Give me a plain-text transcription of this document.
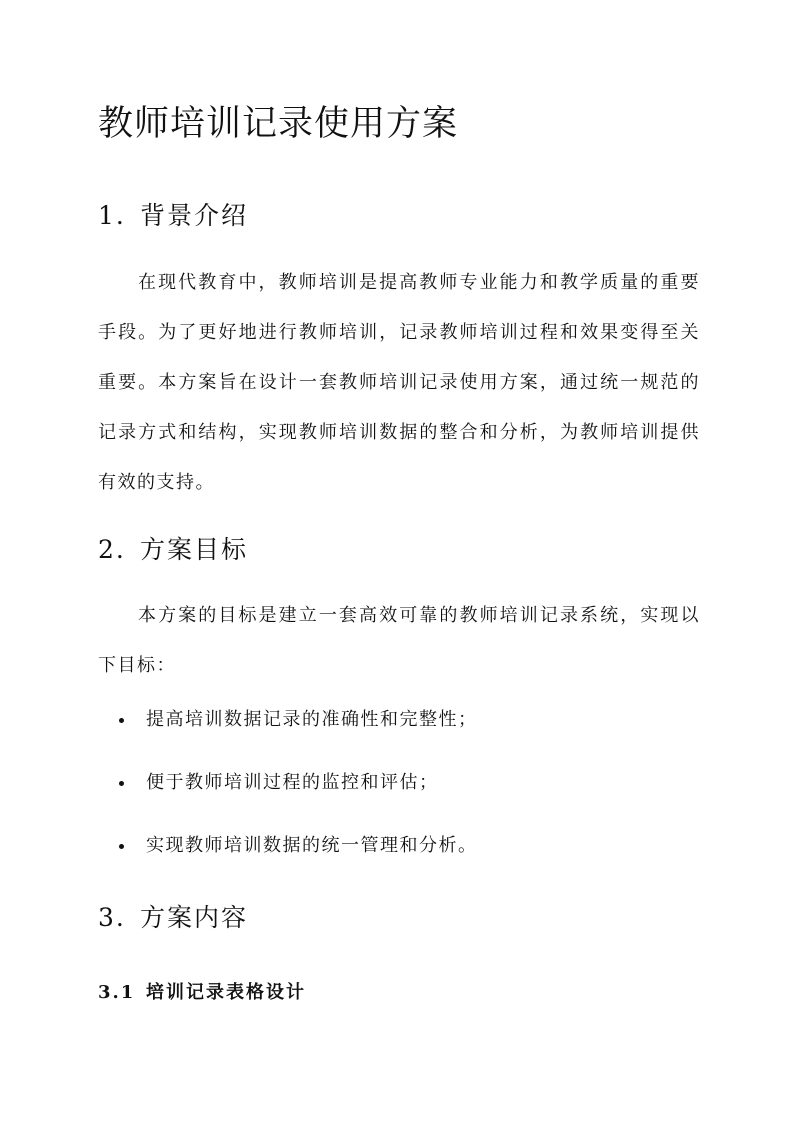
教师培训记录使用方案
1. 背景介绍

在现代教育中，教师培训是提高教师专业能力和教学质量的重要手段。为了更好地进行教师培训，记录教师培训过程和效果变得至关重要。本方案旨在设计一套教师培训记录使用方案，通过统一规范的记录方式和结构，实现教师培训数据的整合和分析，为教师培训提供有效的支持。

2. 方案目标

本方案的目标是建立一套高效可靠的教师培训记录系统，实现以下目标：

提高培训数据记录的准确性和完整性；
便于教师培训过程的监控和评估；
实现教师培训数据的统一管理和分析。
3. 方案内容
3.1 培训记录表格设计
